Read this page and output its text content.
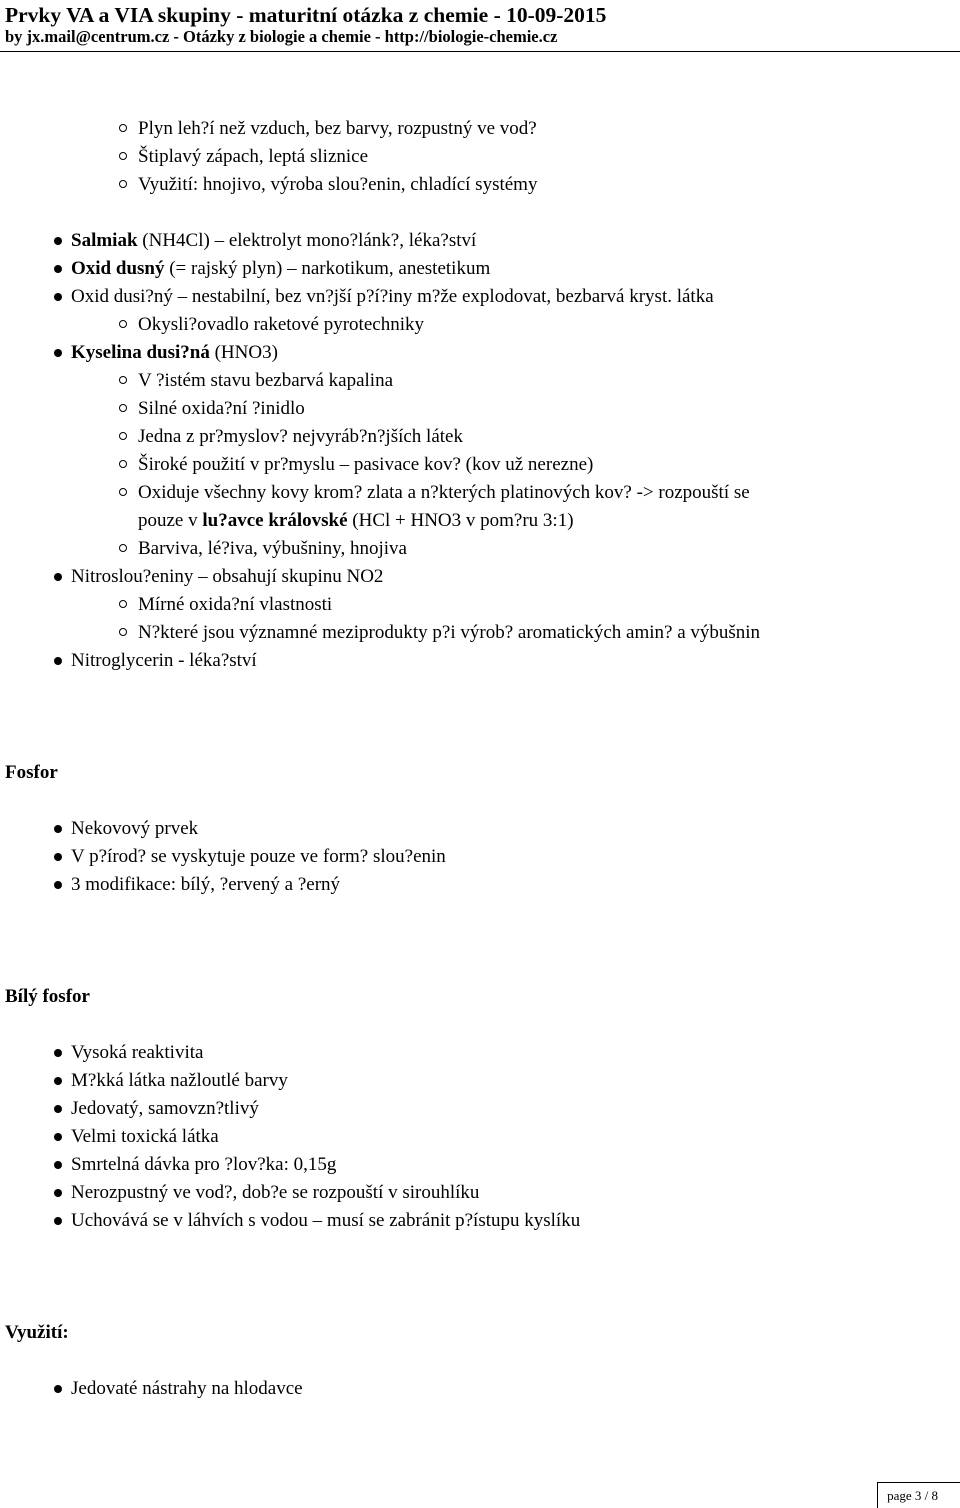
Prvky VA a VIA skupiny - maturitní otázka z chemie - 10-09-2015

by jx.mail@centrum.cz - Otázky z biologie a chemie - http://biologie-chemie.cz

Plyn leh?í než vzduch, bez barvy, rozpustný ve vod?

Štiplavý zápach, leptá sliznice

Využití: hnojivo, výroba slou?enin, chladící systémy

Salmiak (NH4Cl) – elektrolyt mono?lánk?, léka?ství

Oxid dusný (= rajský plyn) – narkotikum, anestetikum

Oxid dusi?ný – nestabilní, bez vn?jší p?í?iny m?že explodovat, bezbarvá kryst. látka

Okysli?ovadlo raketové pyrotechniky

Kyselina dusi?ná (HNO3)

V ?istém stavu bezbarvá kapalina

Silné oxida?ní ?inidlo

Jedna z pr?myslov? nejvyráb?n?jších látek

Široké použití v pr?myslu – pasivace kov? (kov už nerezne)

Oxiduje všechny kovy krom? zlata a n?kterých platinových kov? -> rozpouští se

pouze v lu?avce královské (HCl + HNO3 v pom?ru 3:1)

Barviva, lé?iva, výbušniny, hnojiva

Nitroslou?eniny – obsahují skupinu NO2

Mírné oxida?ní vlastnosti

N?které jsou významné meziprodukty p?i výrob? aromatických amin? a výbušnin

Nitroglycerin - léka?ství

Fosfor

Nekovový prvek

V p?írod? se vyskytuje pouze ve form? slou?enin

3 modifikace: bílý, ?ervený a ?erný

Bílý fosfor

Vysoká reaktivita

M?kká látka nažloutlé barvy

Jedovatý, samovzn?tlivý

Velmi toxická látka

Smrtelná dávka pro ?lov?ka: 0,15g

Nerozpustný ve vod?, dob?e se rozpouští v sirouhlíku

Uchovává se v láhvích s vodou – musí se zabránit p?ístupu kyslíku

Využití:

Jedovaté nástrahy na hlodavce

page 3 / 8
